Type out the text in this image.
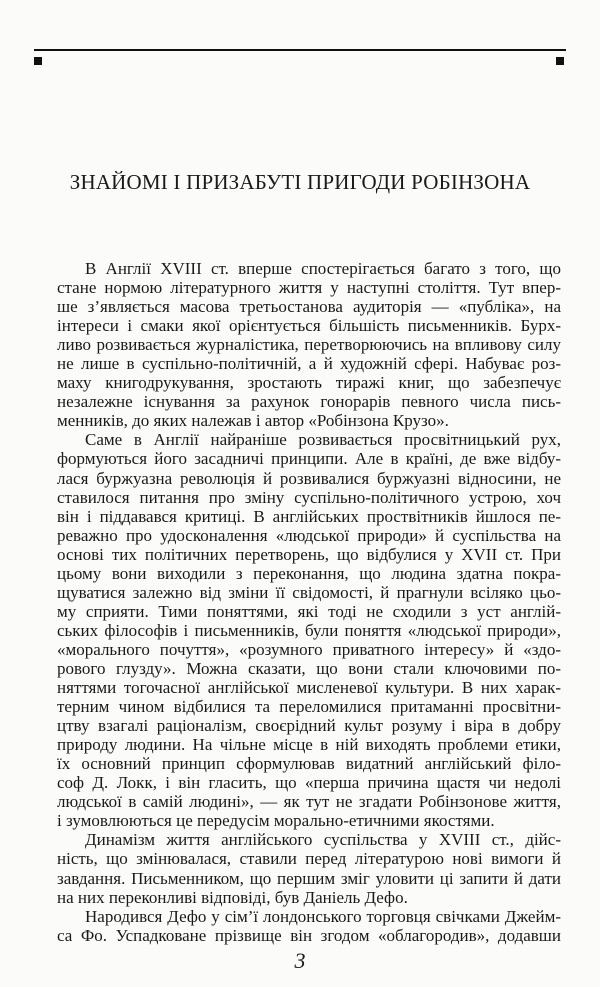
ЗНАЙОМІ І ПРИЗАБУТІ ПРИГОДИ РОБІНЗОНА
В Англії XVIII ст. вперше спостерігається багато з того, що
стане нормою літературного життя у наступні століття. Тут впер-
ше з’являється масова третьостанова аудиторія — «публіка», на
інтереси і смаки якої орієнтується більшість письменників. Бурх-
ливо розвивається журналістика, перетворюючись на впливову силу
не лише в суспільно-політичній, а й художній сфері. Набуває роз-
маху книгодрукування, зростають тиражі книг, що забезпечує
незалежне існування за рахунок гонорарів певного числа пись-
менників, до яких належав і автор «Робінзона Крузо».
Саме в Англії найраніше розвивається просвітницький рух,
формуються його засадничі принципи. Але в країні, де вже відбу-
лася буржуазна революція й розвивалися буржуазні відносини, не
ставилося питання про зміну суспільно-політичного устрою, хоч
він і піддавався критиці. В англійських проствітників йшлося пе-
реважно про удосконалення «людської природи» й суспільства на
основі тих політичних перетворень, що відбулися у XVII ст. При
цьому вони виходили з переконання, що людина здатна покра-
щуватися залежно від зміни її свідомості, й прагнули всіляко цьо-
му сприяти. Тими поняттями, які тоді не сходили з уст англій-
ських філософів і письменників, були поняття «людської природи»,
«морального почуття», «розумного приватного інтересу» й «здо-
рового глузду». Можна сказати, що вони стали ключовими по-
няттями тогочасної англійської мисленевої культури. В них харак-
терним чином відбилися та переломилися притаманні просвітни-
цтву взагалі раціоналізм, своєрідний культ розуму і віра в добру
природу людини. На чільне місце в ній виходять проблеми етики,
їх основний принцип сформулював видатний англійський філо-
соф Д. Локк, і він гласить, що «перша причина щастя чи недолі
людської в самій людині», — як тут не згадати Робінзонове життя,
і зумовлюються це передусім морально-етичними якостями.
Динамізм життя англійського суспільства у XVIII ст., дійс-
ність, що змінювалася, ставили перед літературою нові вимоги й
завдання. Письменником, що першим зміг уловити ці запити й дати
на них переконливі відповіді, був Даніель Дефо.
Народився Дефо у сім’ї лондонського торговця свічками Джейм-
са Фо. Успадковане прізвище він згодом «облагородив», додавши
3
